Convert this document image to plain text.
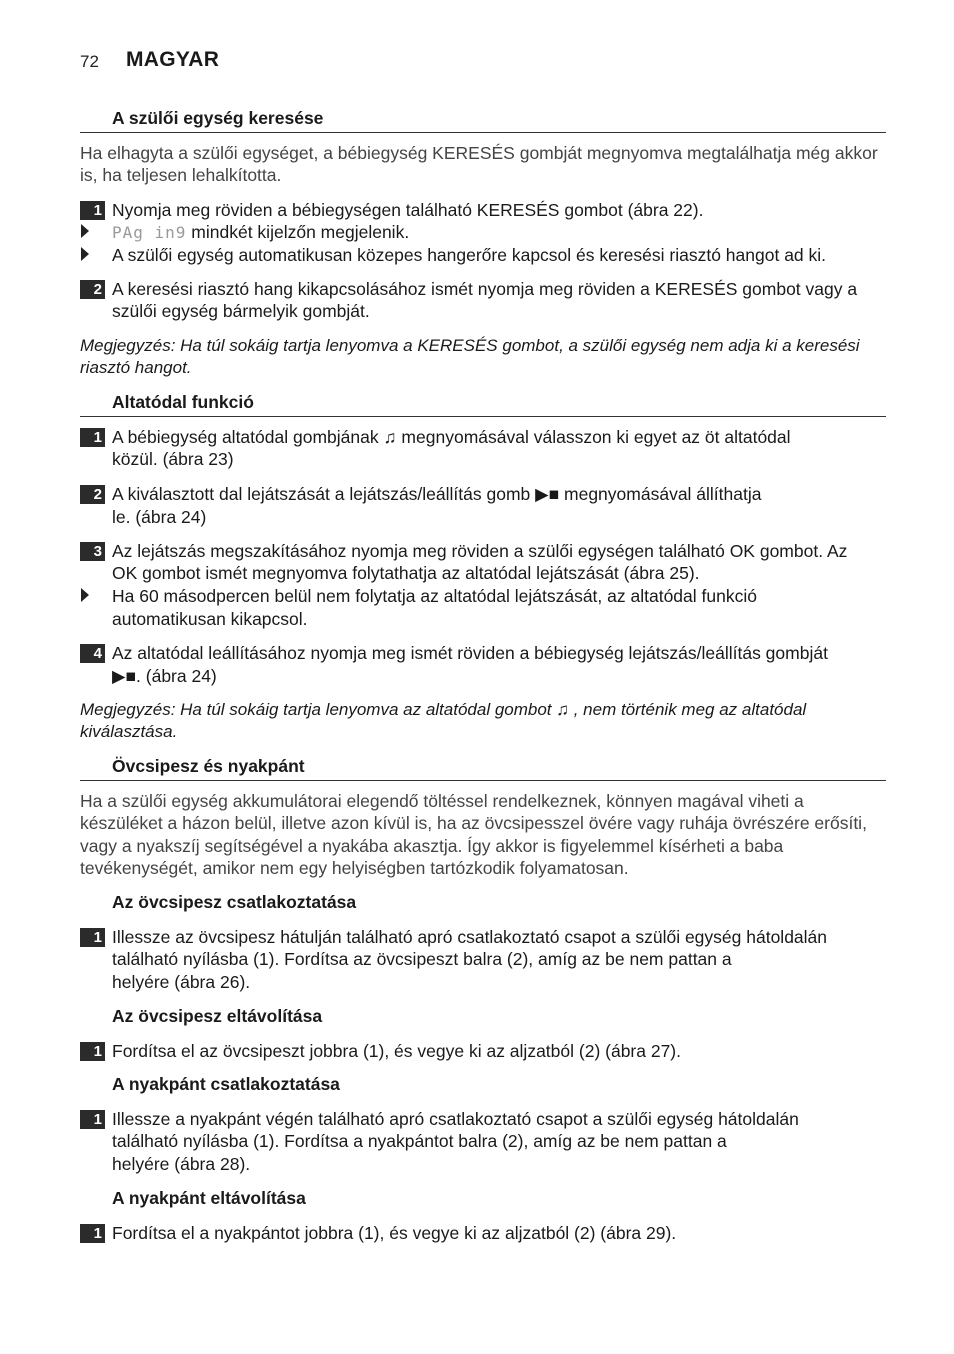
72 MAGYAR
A szülői egység keresése
Ha elhagyta a szülői egységet, a bébiegység KERESÉS gombját megnyomva megtalálhatja még akkor
is, ha teljesen lehalkította.
1 Nyomja meg röviden a bébiegységen található KERESÉS gombot (ábra 22).
PAg in9 mindkét kijelzőn megjelenik.
A szülői egység automatikusan közepes hangerőre kapcsol és keresési riasztó hangot ad ki.
2 A keresési riasztó hang kikapcsolásához ismét nyomja meg röviden a KERESÉS gombot vagy a
szülői egység bármelyik gombját.
Megjegyzés: Ha túl sokáig tartja lenyomva a KERESÉS gombot, a szülői egység nem adja ki a keresési
riasztó hangot.
Altatódal funkció
1 A bébiegység altatódal gombjának ♫ megnyomásával válasszon ki egyet az öt altatódal
közül. (ábra 23)
2 A kiválasztott dal lejátszását a lejátszás/leállítás gomb ▶■ megnyomásával állíthatja
le. (ábra 24)
3 Az lejátszás megszakításához nyomja meg röviden a szülői egységen található OK gombot. Az
OK gombot ismét megnyomva folytathatja az altatódal lejátszását (ábra 25).
Ha 60 másodpercen belül nem folytatja az altatódal lejátszását, az altatódal funkció
automatikusan kikapcsol.
4 Az altatódal leállításához nyomja meg ismét röviden a bébiegység lejátszás/leállítás gombját
▶■. (ábra 24)
Megjegyzés: Ha túl sokáig tartja lenyomva az altatódal gombot ♫ , nem történik meg az altatódal
kiválasztása.
Övcsipesz és nyakpánt
Ha a szülői egység akkumulátorai elegendő töltéssel rendelkeznek, könnyen magával viheti a
készüléket a házon belül, illetve azon kívül is, ha az övcsipesszel övére vagy ruhája övrészére erősíti,
vagy a nyakszíj segítségével a nyakába akasztja. Így akkor is figyelemmel kísérheti a baba
tevékenységét, amikor nem egy helyiségben tartózkodik folyamatosan.
Az övcsipesz csatlakoztatása
1 Illessze az övcsipesz hátulján található apró csatlakoztató csapot a szülői egység hátoldalán
található nyílásba (1). Fordítsa az övcsipeszt balra (2), amíg az be nem pattan a
helyére (ábra 26).
Az övcsipesz eltávolítása
1 Fordítsa el az övcsipeszt jobbra (1), és vegye ki az aljzatból (2) (ábra 27).
A nyakpánt csatlakoztatása
1 Illessze a nyakpánt végén található apró csatlakoztató csapot a szülői egység hátoldalán
található nyílásba (1). Fordítsa a nyakpántot balra (2), amíg az be nem pattan a
helyére (ábra 28).
A nyakpánt eltávolítása
1 Fordítsa el a nyakpántot jobbra (1), és vegye ki az aljzatból (2) (ábra 29).
